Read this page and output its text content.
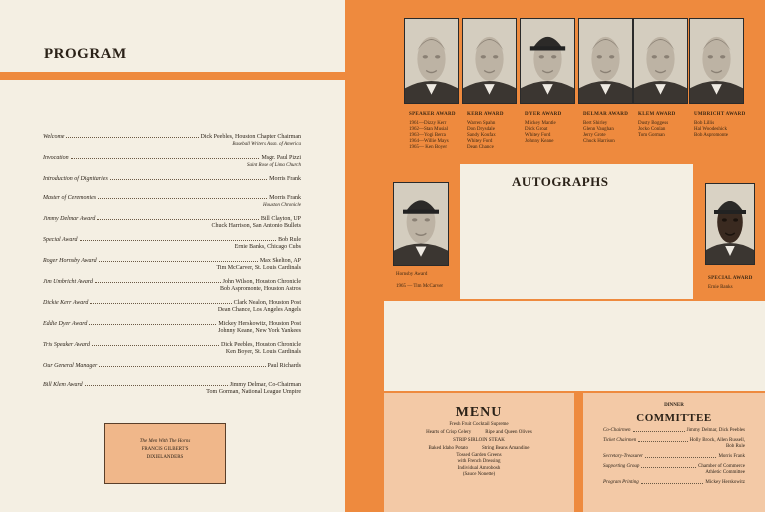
PROGRAM
Welcome	Dick Peebles, Houston Chapter Chairman
Baseball Writers Assn. of America
Invocation	Msgr. Paul Pizzi
Saint Rose of Lima Church
Introduction of Dignitaries	Morris Frank
Master of Ceremonies	Morris Frank
Houston Chronicle
Jimmy Delmar Award	Bill Clayton, UP
Chuck Harrison, San Antonio Bullets
Special Award	Bob Rule
Ernie Banks, Chicago Cubs
Roger Hornsby Award	Max Skelton, AP
Tim McCarver, St. Louis Cardinals
Jim Umbricht Award	John Wilson, Houston Chronicle
Bob Aspromonte, Houston Astros
Dickie Kerr Award	Clark Nealon, Houston Post
Dean Chance, Los Angeles Angels
Eddie Dyer Award	Mickey Herskowitz, Houston Post
Johnny Keane, New York Yankees
Tris Speaker Award	Dick Peebles, Houston Chronicle
Ken Boyer, St. Louis Cardinals
Our General Manager	Paul Richards
Bill Klem Award	Jimmy Delmar, Co-Chairman
Tom Gorman, National League Umpire
The Men With The Horns
FRANCIS GILBERT'S
DIXIELANDERS
SPEAKER AWARD
1961—Dizzy Kerr
1962—Stan Musial
1963—Yogi Berra
1964—Willie Mays
1965— Ken Boyer
KERR AWARD
Warren Spahn
Don Drysdale
Sandy Koufax
Whitey Ford
Dean Chance
DYER AWARD
Mickey Mantle
Dick Groat
Whitey Ford
Johnny Keane
DELMAR AWARD
Bert Shirley
Glenn Vaughan
Jerry Grote
Chuck Harrison
KLEM AWARD
Dusty Boggess
Jocko Conlan
Tom Gorman
UMBRICHT AWARD
Bob Lillis
Hal Woodeshick
Bob Aspromonte
Hornsby Award
1965 — Tim McCarver
SPECIAL AWARD
Ernie Banks
AUTOGRAPHS
MENU
Fresh Fruit Cocktail Supreme
Hearts of Crisp Celery	Ripe and Queen Olives
STRIP SIRLOIN STEAK
Baked Idaho Potato	String Beans Amandine
Tossed Garden Greens
with French Dressing
Individual Amrobosh
(Sauce Nonette)
DINNER
COMMITTEE
Co-Chairmen	Jimmy Delmar, Dick Peebles
Ticket Chairmen	Holly Brock, Allen Russell,
Bob Rule
Secretary-Treasurer	Morris Frank
Supporting Group	Chamber of Commerce
Athletic Committee
Program Printing	Mickey Herskowitz
